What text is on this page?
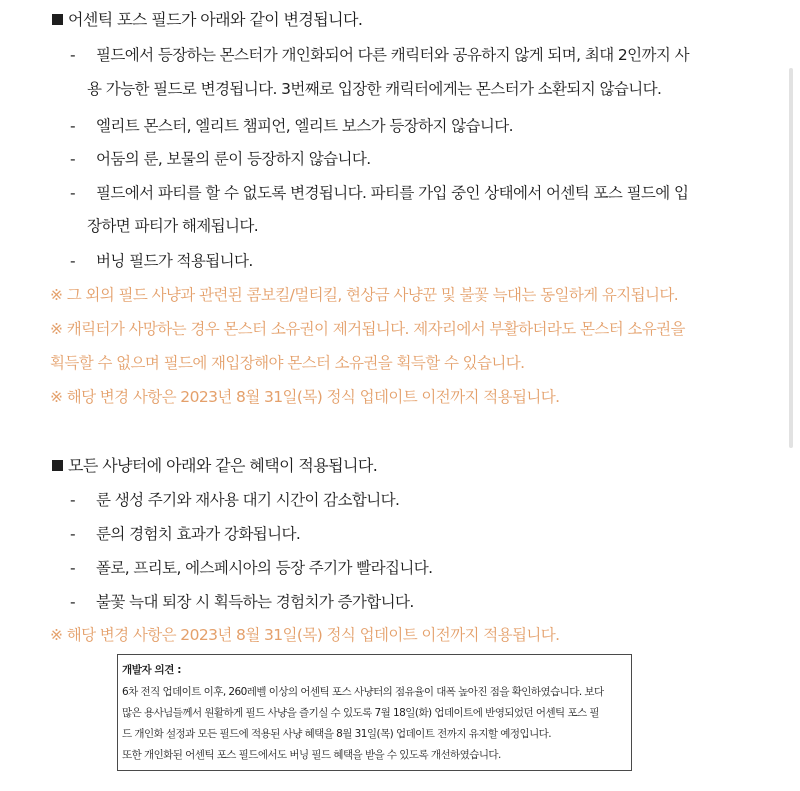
어센틱 포스 필드가 아래와 같이 변경됩니다.
- 필드에서 등장하는 몬스터가 개인화되어 다른 캐릭터와 공유하지 않게 되며, 최대 2인까지 사
용 가능한 필드로 변경됩니다. 3번째로 입장한 캐릭터에게는 몬스터가 소환되지 않습니다.
- 엘리트 몬스터, 엘리트 챔피언, 엘리트 보스가 등장하지 않습니다.
- 어둠의 룬, 보물의 룬이 등장하지 않습니다.
- 필드에서 파티를 할 수 없도록 변경됩니다. 파티를 가입 중인 상태에서 어센틱 포스 필드에 입
장하면 파티가 해제됩니다.
- 버닝 필드가 적용됩니다.
※ 그 외의 필드 사냥과 관련된 콤보킬/멀티킬, 현상금 사냥꾼 및 불꽃 늑대는 동일하게 유지됩니다.
※ 캐릭터가 사망하는 경우 몬스터 소유권이 제거됩니다. 제자리에서 부활하더라도 몬스터 소유권을
획득할 수 없으며 필드에 재입장해야 몬스터 소유권을 획득할 수 있습니다.
※ 해당 변경 사항은 2023년 8월 31일(목) 정식 업데이트 이전까지 적용됩니다.
모든 사냥터에 아래와 같은 혜택이 적용됩니다.
- 룬 생성 주기와 재사용 대기 시간이 감소합니다.
- 룬의 경험치 효과가 강화됩니다.
- 폴로, 프리토, 에스페시아의 등장 주기가 빨라집니다.
- 불꽃 늑대 퇴장 시 획득하는 경험치가 증가합니다.
※ 해당 변경 사항은 2023년 8월 31일(목) 정식 업데이트 이전까지 적용됩니다.
개발자 의견 :
6차 전직 업데이트 이후, 260레벨 이상의 어센틱 포스 사냥터의 점유율이 대폭 높아진 점을 확인하였습니다. 보다
많은 용사님들께서 원활하게 필드 사냥을 즐기실 수 있도록 7월 18일(화) 업데이트에 반영되었던 어센틱 포스 필
드 개인화 설정과 모든 필드에 적용된 사냥 혜택을 8월 31일(목) 업데이트 전까지 유지할 예정입니다.
또한 개인화된 어센틱 포스 필드에서도 버닝 필드 혜택을 받을 수 있도록 개선하였습니다.
